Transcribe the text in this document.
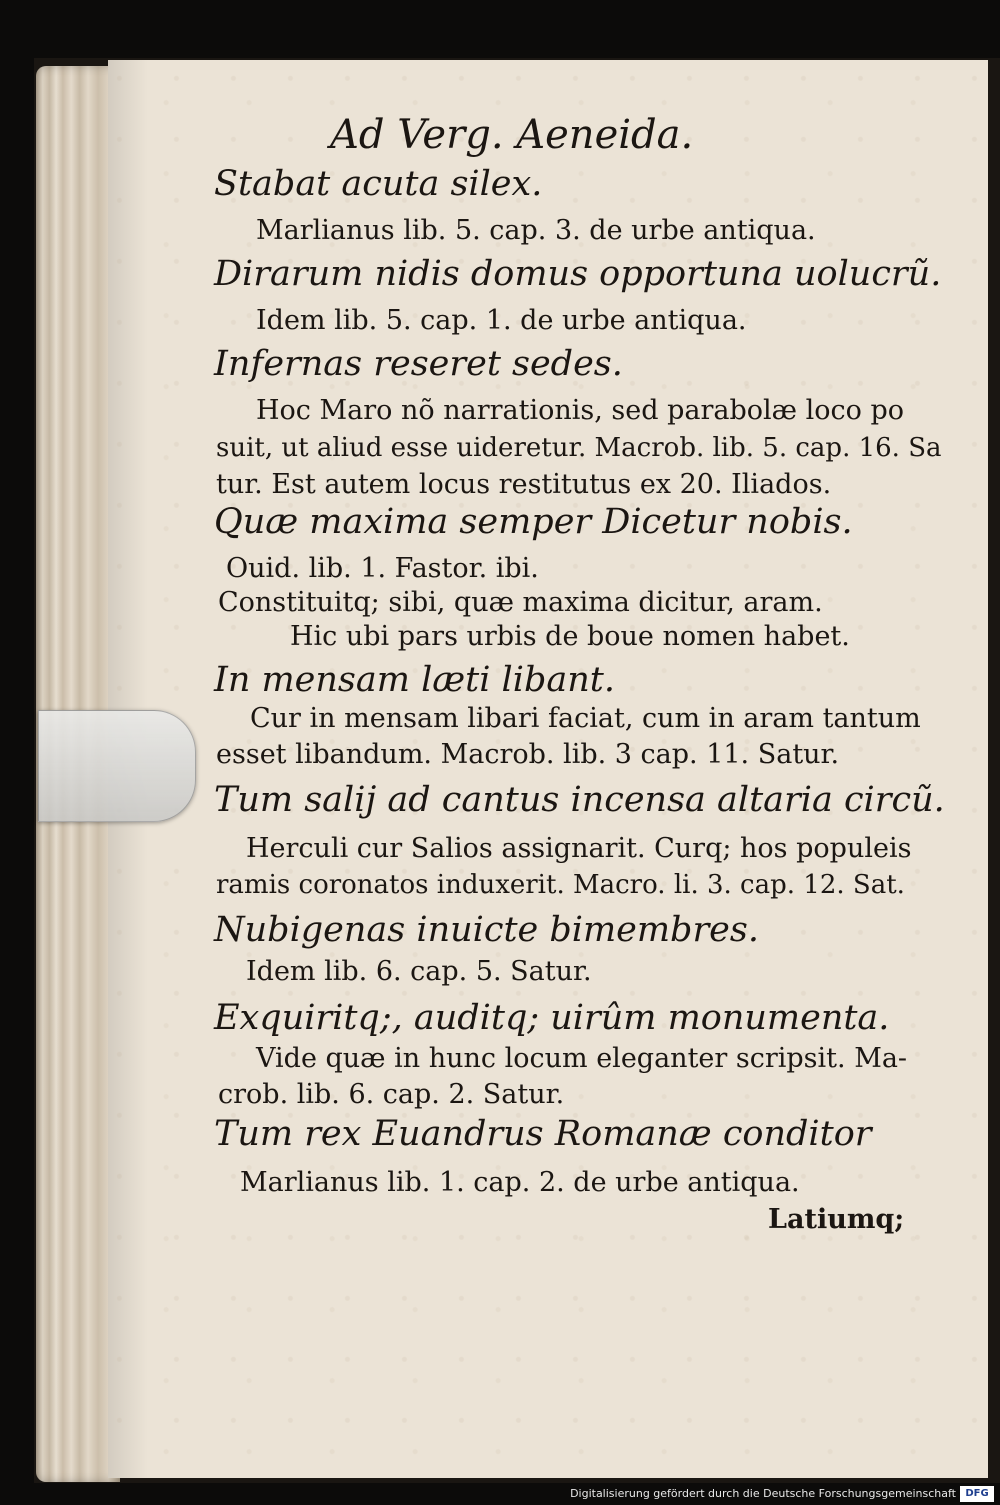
Ad Verg. Aeneida.

Stabat acuta silex.

Marlianus lib. 5. cap. 3. de urbe antiqua.

Dirarum nidis domus opportuna uolucrũ.

Idem lib. 5. cap. 1. de urbe antiqua.

Infernas reseret sedes.

Hoc Maro nõ narrationis, sed parabolæ loco po

suit, ut aliud esse uideretur. Macrob. lib. 5. cap. 16. Sa

tur. Est autem locus restitutus ex 20. Iliados.

Quæ maxima semper Dicetur nobis.

Ouid. lib. 1. Fastor. ibi.

Constituitq; sibi, quæ maxima dicitur, aram.

Hic ubi pars urbis de boue nomen habet.

In mensam læti libant.

Cur in mensam libari faciat, cum in aram tantum

esset libandum. Macrob. lib. 3 cap. 11. Satur.

Tum salij ad cantus incensa altaria circũ.

Herculi cur Salios assignarit. Curq; hos populeis

ramis coronatos induxerit. Macro. li. 3. cap. 12. Sat.

Nubigenas inuicte bimembres.

Idem lib. 6. cap. 5. Satur.

Exquiritq;, auditq; uirûm monumenta.

Vide quæ in hunc locum eleganter scripsit. Ma-

crob. lib. 6. cap. 2. Satur.

Tum rex Euandrus Romanæ conditor

Marlianus lib. 1. cap. 2. de urbe antiqua.

Latiumq;

Digitalisierung gefördert durch die Deutsche Forschungsgemeinschaft DFG
